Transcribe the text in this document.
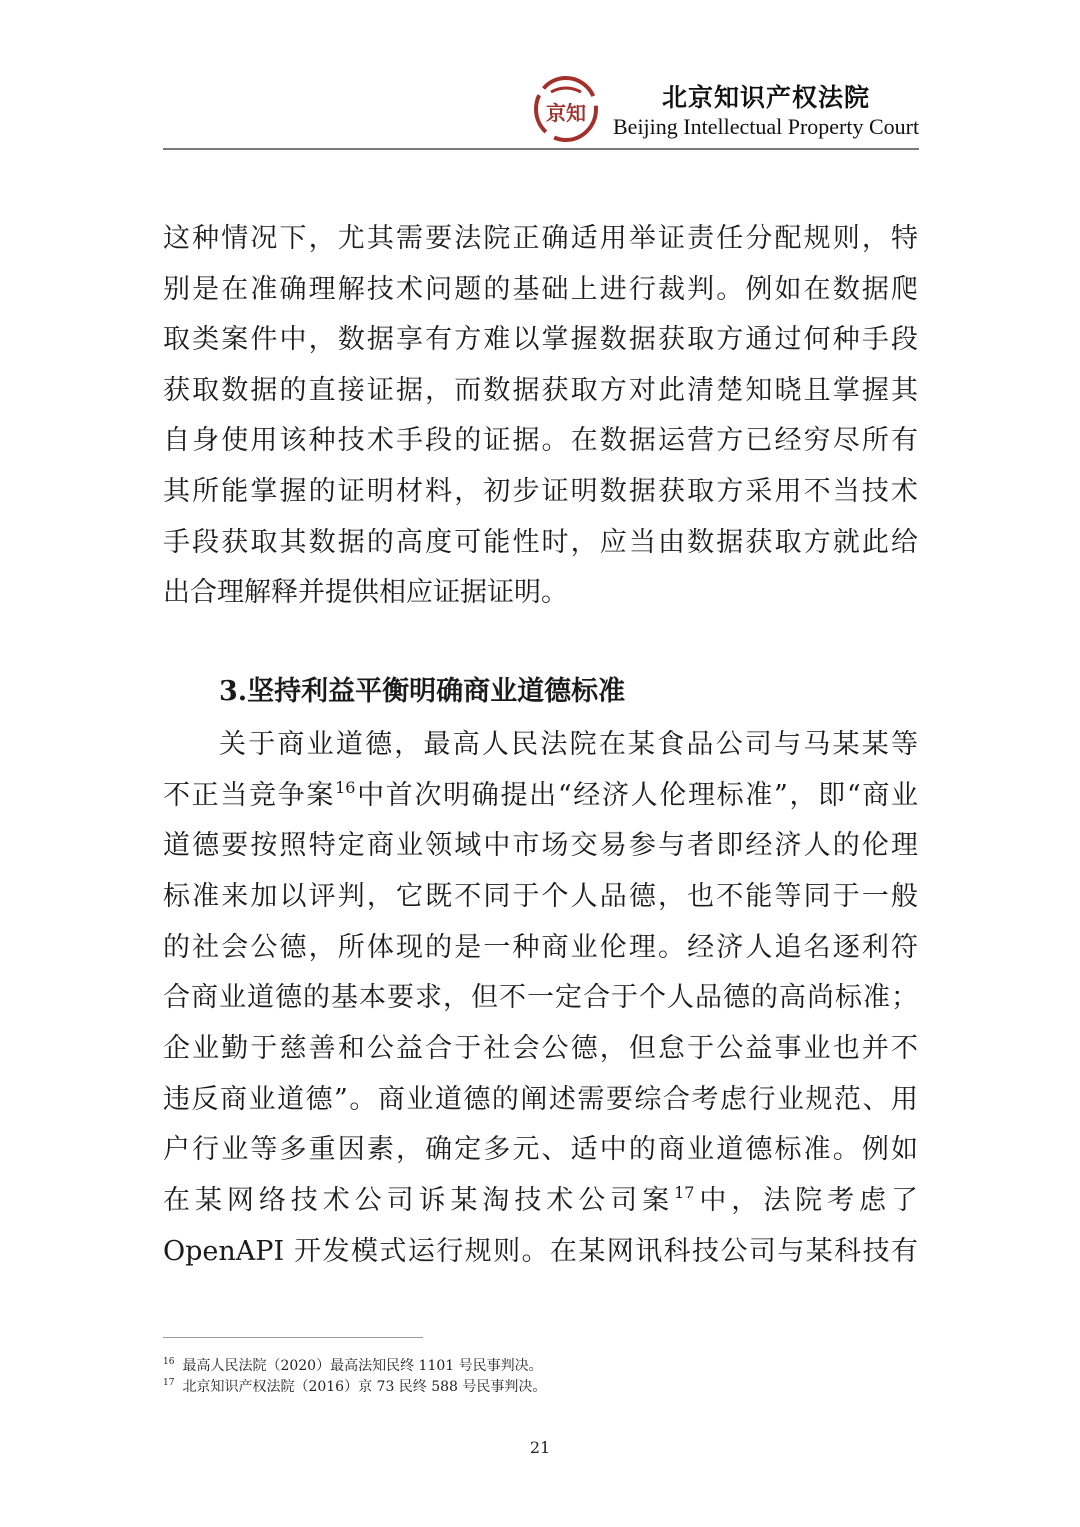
京知
北京知识产权法院
Beijing Intellectual Property Court
这种情况下，尤其需要法院正确适用举证责任分配规则，特
别是在准确理解技术问题的基础上进行裁判。例如在数据爬
取类案件中，数据享有方难以掌握数据获取方通过何种手段
获取数据的直接证据，而数据获取方对此清楚知晓且掌握其
自身使用该种技术手段的证据。在数据运营方已经穷尽所有
其所能掌握的证明材料，初步证明数据获取方采用不当技术
手段获取其数据的高度可能性时，应当由数据获取方就此给
出合理解释并提供相应证据证明。
3.坚持利益平衡明确商业道德标准
关于商业道德，最高人民法院在某食品公司与马某某等
不正当竞争案$^{16}$中首次明确提出“经济人伦理标准”，即“商业
道德要按照特定商业领域中市场交易参与者即经济人的伦理
标准来加以评判，它既不同于个人品德，也不能等同于一般
的社会公德，所体现的是一种商业伦理。经济人追名逐利符
合商业道德的基本要求，但不一定合于个人品德的高尚标准；
企业勤于慈善和公益合于社会公德，但怠于公益事业也并不
违反商业道德”。商业道德的阐述需要综合考虑行业规范、用
户行业等多重因素，确定多元、适中的商业道德标准。例如
在某网络技术公司诉某淘技术公司案$^{17}$中，法院考虑了
OpenAPI 开发模式运行规则。在某网讯科技公司与某科技有
$^{16}$ 最高人民法院（2020）最高法知民终 1101 号民事判决。
$^{17}$ 北京知识产权法院（2016）京 73 民终 588 号民事判决。
21
